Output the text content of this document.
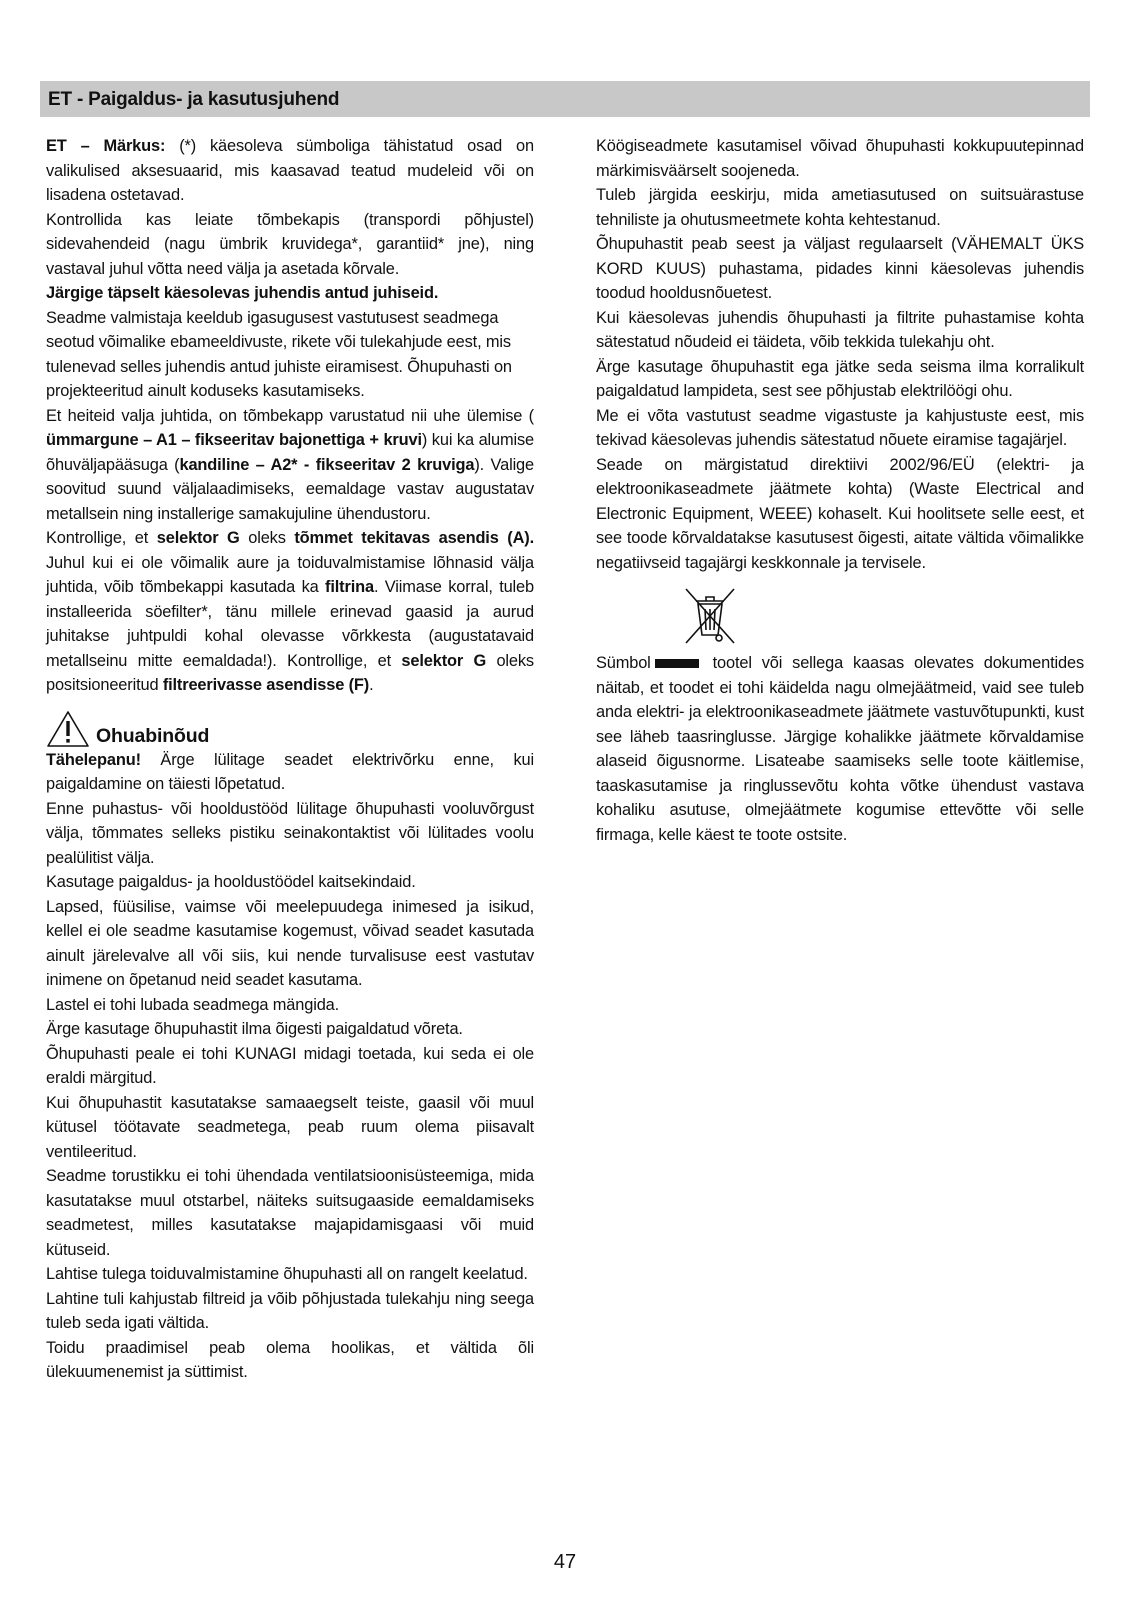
ET - Paigaldus- ja kasutusjuhend

ET – Märkus: (*) käesoleva sümboliga tähistatud osad on valikulised aksesuaarid, mis kaasavad teatud mudeleid või on lisadena ostetavad.

Kontrollida kas leiate tõmbekapis (transpordi põhjustel) sidevahendeid (nagu ümbrik kruvidega*, garantiid* jne), ning vastaval juhul võtta need välja ja asetada kõrvale.

Järgige täpselt käesolevas juhendis antud juhiseid.

Seadme valmistaja keeldub igasugusest vastutusest seadmega seotud võimalike ebameeldivuste, rikete või tulekahjude eest, mis tulenevad selles juhendis antud juhiste eiramisest. Õhupuhasti on projekteeritud ainult koduseks kasutamiseks.

Et heiteid valja juhtida, on tõmbekapp varustatud nii uhe ülemise ( ümmargune – A1 – fikseeritav bajonettiga + kruvi) kui ka alumise õhuväljapääsuga (kandiline – A2* - fikseeritav 2 kruviga). Valige soovitud suund väljalaadimiseks, eemaldage vastav augustatav metallsein ning installerige samakujuline ühendustoru.

Kontrollige, et selektor G oleks tõmmet tekitavas asendis (A). Juhul kui ei ole võimalik aure ja toiduvalmistamise lõhnasid välja juhtida, võib tõmbekappi kasutada ka filtrina. Viimase korral, tuleb installeerida söefilter*, tänu millele erinevad gaasid ja aurud juhitakse juhtpuldi kohal olevasse võrkkesta (augustatavaid metallseinu mitte eemaldada!). Kontrollige, et selektor G oleks positsioneeritud filtreerivasse asendisse (F).

Ohuabinõud

Tähelepanu! Ärge lülitage seadet elektrivõrku enne, kui paigaldamine on täiesti lõpetatud.

Enne puhastus- või hooldustööd lülitage õhupuhasti vooluvõrgust välja, tõmmates selleks pistiku seinakontaktist või lülitades voolu pealülitist välja.

Kasutage paigaldus- ja hooldustöödel kaitsekindaid.

Lapsed, füüsilise, vaimse või meelepuudega inimesed ja isikud, kellel ei ole seadme kasutamise kogemust, võivad seadet kasutada ainult järelevalve all või siis, kui nende turvalisuse eest vastutav inimene on õpetanud neid seadet kasutama.

Lastel ei tohi lubada seadmega mängida.

Ärge kasutage õhupuhastit ilma õigesti paigaldatud võreta.

Õhupuhasti peale ei tohi KUNAGI midagi toetada, kui seda ei ole eraldi märgitud.

Kui õhupuhastit kasutatakse samaaegselt teiste, gaasil või muul kütusel töötavate seadmetega, peab ruum olema piisavalt ventileeritud.

Seadme torustikku ei tohi ühendada ventilatsioonisüsteemiga, mida kasutatakse muul otstarbel, näiteks suitsugaaside eemaldamiseks seadmetest, milles kasutatakse majapidamisgaasi või muid kütuseid.

Lahtise tulega toiduvalmistamine õhupuhasti all on rangelt keelatud.

Lahtine tuli kahjustab filtreid ja võib põhjustada tulekahju ning seega tuleb seda igati vältida.

Toidu praadimisel peab olema hoolikas, et vältida õli ülekuumenemist ja süttimist.

Köögiseadmete kasutamisel võivad õhupuhasti kokkupuutepinnad märkimisväärselt soojeneda.

Tuleb järgida eeskirju, mida ametiasutused on suitsuärastuse tehniliste ja ohutusmeetmete kohta kehtestanud.

Õhupuhastit peab seest ja väljast regulaarselt (VÄHEMALT ÜKS KORD KUUS) puhastama, pidades kinni käesolevas juhendis toodud hooldusnõuetest.

Kui käesolevas juhendis õhupuhasti ja filtrite puhastamise kohta sätestatud nõudeid ei täideta, võib tekkida tulekahju oht.

Ärge kasutage õhupuhastit ega jätke seda seisma ilma korralikult paigaldatud lampideta, sest see põhjustab elektrilöögi ohu.

Me ei võta vastutust seadme vigastuste ja kahjustuste eest, mis tekivad käesolevas juhendis sätestatud nõuete eiramise tagajärjel.

Seade on märgistatud direktiivi 2002/96/EÜ (elektri- ja elektroonikaseadmete jäätmete kohta) (Waste Electrical and Electronic Equipment, WEEE) kohaselt. Kui hoolitsete selle eest, et see toode kõrvaldatakse kasutusest õigesti, aitate vältida võimalikke negatiivseid tagajärgi keskkonnale ja tervisele.

Sümbol	tootel või sellega kaasas olevates dokumentides näitab, et toodet ei tohi käidelda nagu olmejäätmeid, vaid see tuleb anda elektri- ja elektroonikaseadmete jäätmete vastuvõtupunkti, kust see läheb taasringlusse. Järgige kohalikke jäätmete kõrvaldamise alaseid õigusnorme. Lisateabe saamiseks selle toote käitlemise, taaskasutamise ja ringlussevõtu kohta võtke ühendust vastava kohaliku asutuse, olmejäätmete kogumise ettevõtte või selle firmaga, kelle käest te toote ostsite.

47
